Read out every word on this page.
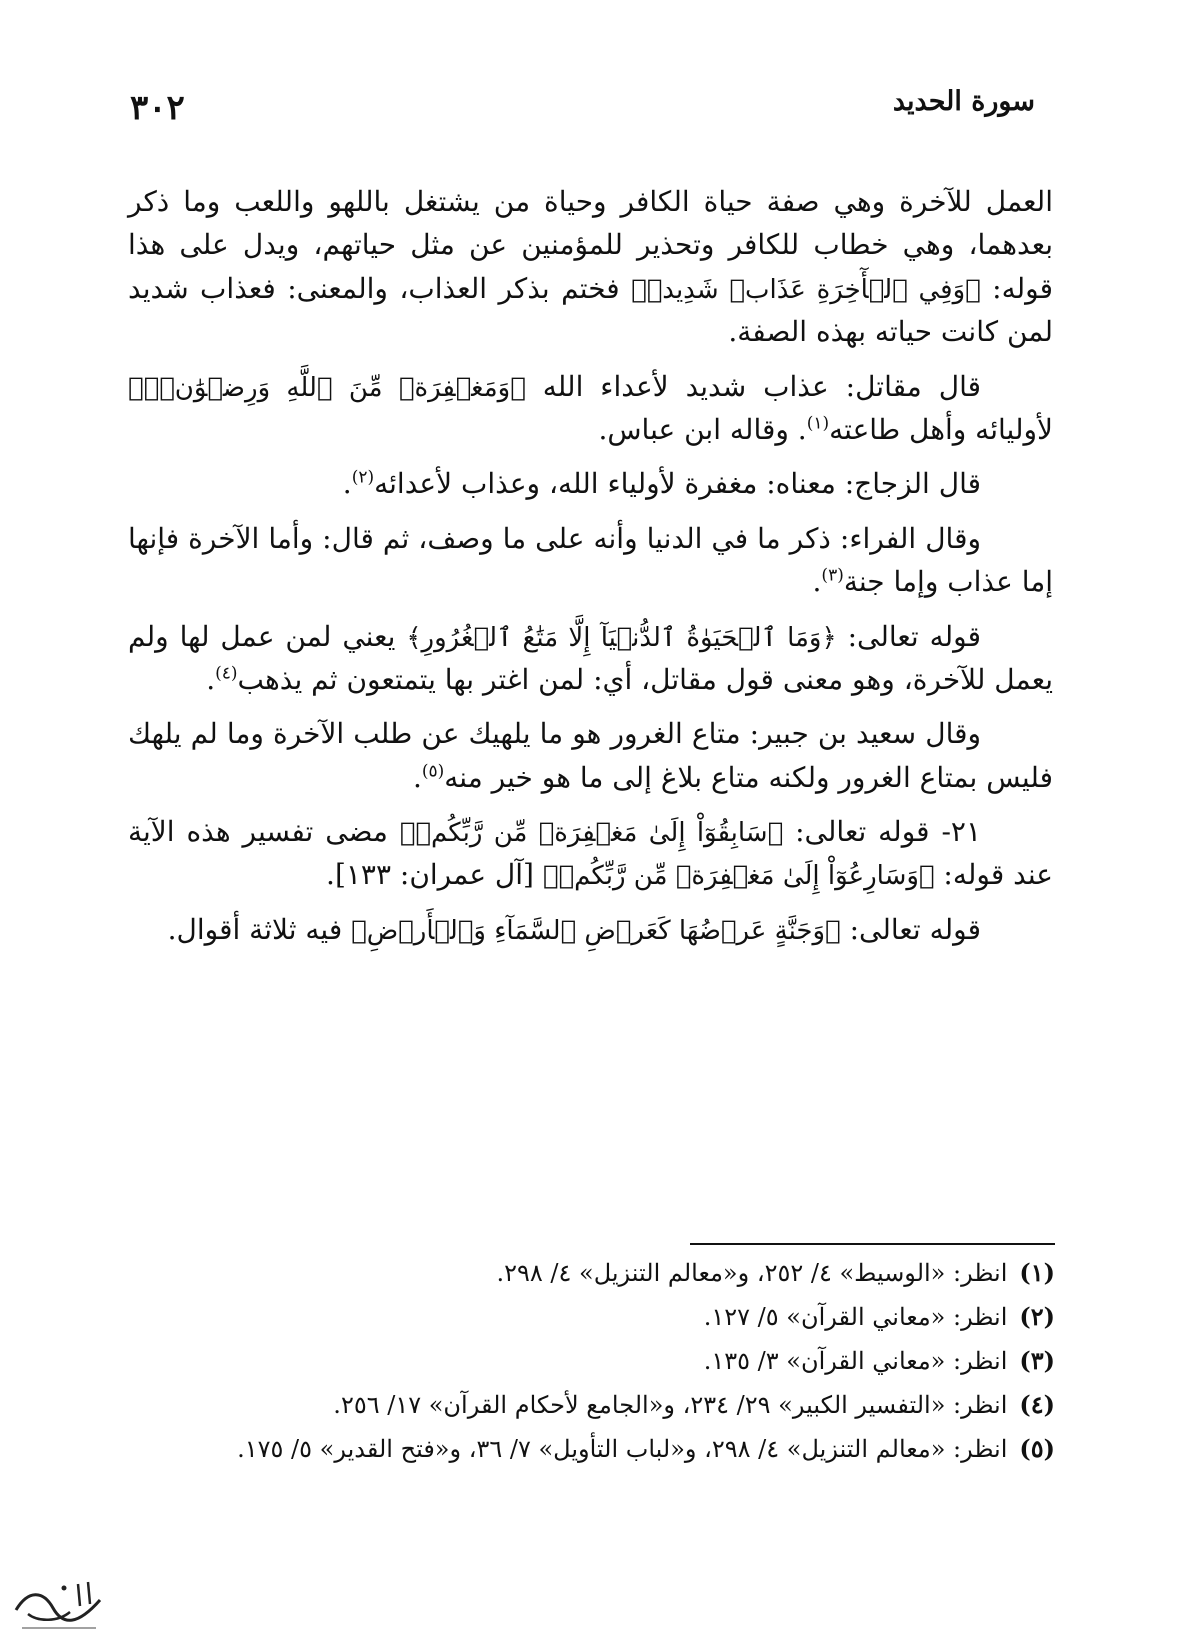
٣٠٢	سورة الحديد

العمل للآخرة وهي صفة حياة الكافر وحياة من يشتغل باللهو واللعب وما ذكر بعدهما، وهي خطاب للكافر وتحذير للمؤمنين عن مثل حياتهم، ويدل على هذا قوله: ﴿وَفِي ٱلۡأٓخِرَةِ عَذَابٞ شَدِيدٞ﴾ فختم بذكر العذاب، والمعنى: فعذاب شديد لمن كانت حياته بهذه الصفة.

قال مقاتل: عذاب شديد لأعداء الله ﴿وَمَغۡفِرَةٞ مِّنَ ٱللَّهِ وَرِضۡوَٰنٞۚ﴾ لأوليائه وأهل طاعته$^{(١)}$. وقاله ابن عباس.

قال الزجاج: معناه: مغفرة لأولياء الله، وعذاب لأعدائه$^{(٢)}$.

وقال الفراء: ذكر ما في الدنيا وأنه على ما وصف، ثم قال: وأما الآخرة فإنها إما عذاب وإما جنة$^{(٣)}$.

قوله تعالى: ﴿وَمَا ٱلۡحَيَوٰةُ ٱلدُّنۡيَآ إِلَّا مَتَٰعُ ٱلۡغُرُورِ﴾ يعني لمن عمل لها ولم يعمل للآخرة، وهو معنى قول مقاتل، أي: لمن اغتر بها يتمتعون ثم يذهب$^{(٤)}$.

وقال سعيد بن جبير: متاع الغرور هو ما يلهيك عن طلب الآخرة وما لم يلهك فليس بمتاع الغرور ولكنه متاع بلاغ إلى ما هو خير منه$^{(٥)}$.

٢١- قوله تعالى: ﴿سَابِقُوٓاْ إِلَىٰ مَغۡفِرَةٖ مِّن رَّبِّكُمۡ﴾ مضى تفسير هذه الآية عند قوله: ﴿وَسَارِعُوٓاْ إِلَىٰ مَغۡفِرَةٖ مِّن رَّبِّكُمۡ﴾ [آل عمران: ١٣٣].

قوله تعالى: ﴿وَجَنَّةٍ عَرۡضُهَا كَعَرۡضِ ٱلسَّمَآءِ وَٱلۡأَرۡضِ﴾ فيه ثلاثة أقوال.

(١) انظر: «الوسيط» ٤/ ٢٥٢، و«معالم التنزيل» ٤/ ٢٩٨.
(٢) انظر: «معاني القرآن» ٥/ ١٢٧.
(٣) انظر: «معاني القرآن» ٣/ ١٣٥.
(٤) انظر: «التفسير الكبير» ٢٩/ ٢٣٤، و«الجامع لأحكام القرآن» ١٧/ ٢٥٦.
(٥) انظر: «معالم التنزيل» ٤/ ٢٩٨، و«لباب التأويل» ٧/ ٣٦، و«فتح القدير» ٥/ ١٧٥.
